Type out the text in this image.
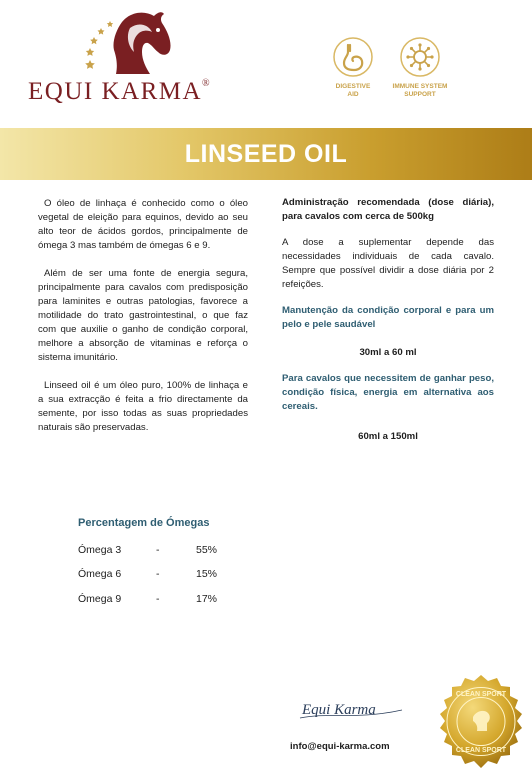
EQUI KARMA®	DIGESTIVE
AID
IMMUNE SYSTEM
SUPPORT
LINSEED OIL

O óleo de linhaça é conhecido como o óleo vegetal de eleição para equinos, devido ao seu alto teor de ácidos gordos, principalmente de ómega 3 mas também de ómegas 6 e 9.

Além de ser uma fonte de energia segura, principalmente para cavalos com predisposição para laminites e outras patologias, favorece a motilidade do trato gastrointestinal, o que faz com que auxilie o ganho de condição corporal, melhore a absorção de vitaminas e reforça o sistema imunitário.

Linseed oil é um óleo puro, 100% de linhaça e a sua extracção é feita a frio directamente da semente, por isso todas as suas propriedades naturais são preservadas.

Administração recomendada (dose diária), para cavalos com cerca de 500kg

A dose a suplementar depende das necessidades individuais de cada cavalo. Sempre que possível dividir a dose diária por 2 refeições.

Manutenção da condição corporal e para um pelo e pele saudável

30ml a 60 ml

Para cavalos que necessitem de ganhar peso, condição física, energia em alternativa aos cereais.

60ml a 150ml

Percentagem de Ómegas
Ómega 3	-	55%
Ómega 6	-	15%
Ómega 9	-	17%
Equi Karma
info@equi-karma.com
CLEAN SPORT
CLEAN SPORT
